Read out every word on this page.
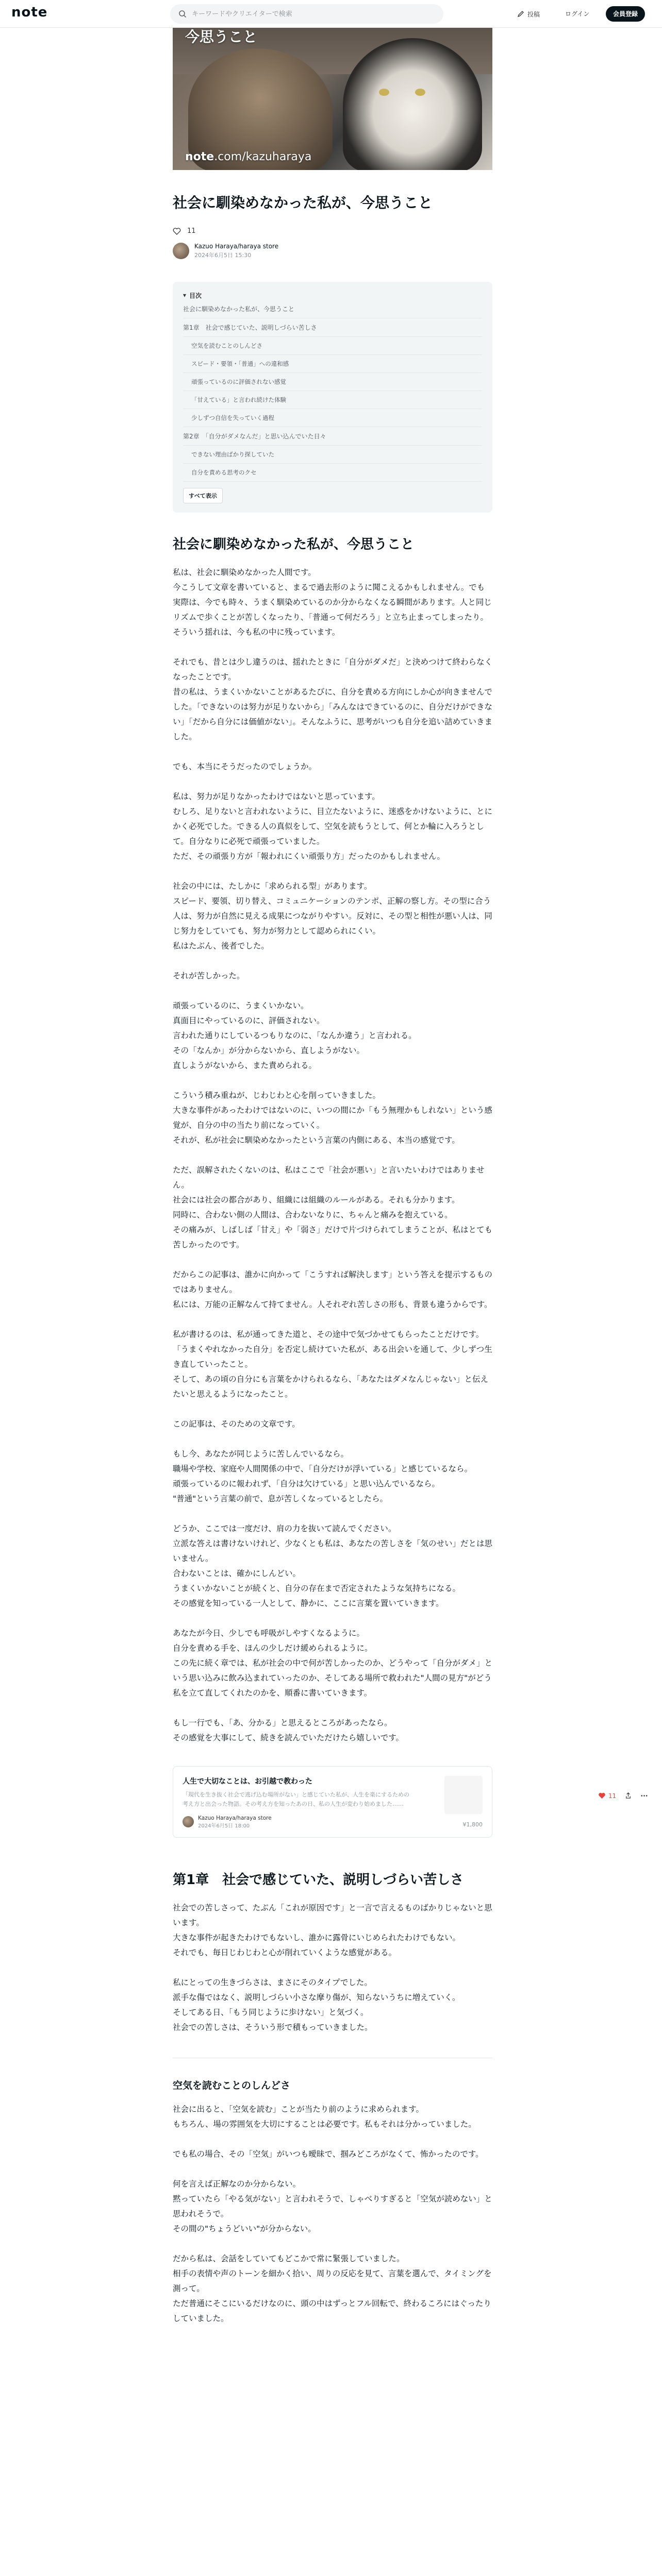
note
キーワードやクリエイターで検索	投稿	ログイン	会員登録
今思うこと
note.com/kazuharaya
社会に馴染めなかった私が、今思うこと
11
Kazuo Haraya/haraya store
2024年6月5日 15:30
▾ 目次
社会に馴染めなかった私が、今思うこと
第1章　社会で感じていた、説明しづらい苦しさ
空気を読むことのしんどさ
スピード・要領・「普通」への違和感
頑張っているのに評価されない感覚
「甘えている」と言われ続けた体験
少しずつ自信を失っていく過程
第2章　「自分がダメなんだ」と思い込んでいた日々
できない理由ばかり探していた
自分を責める思考のクセ
すべて表示
社会に馴染めなかった私が、今思うこと
私は、社会に馴染めなかった人間です。
今こうして文章を書いていると、まるで過去形のように聞こえるかもしれません。でも実際は、今でも時々、うまく馴染めているのか分からなくなる瞬間があります。人と同じリズムで歩くことが苦しくなったり、「普通って何だろう」と立ち止まってしまったり。そういう揺れは、今も私の中に残っています。
それでも、昔とは少し違うのは、揺れたときに「自分がダメだ」と決めつけて終わらなくなったことです。
昔の私は、うまくいかないことがあるたびに、自分を責める方向にしか心が向きませんでした。「できないのは努力が足りないから」「みんなはできているのに、自分だけができない」「だから自分には価値がない」。そんなふうに、思考がいつも自分を追い詰めていきました。
でも、本当にそうだったのでしょうか。
私は、努力が足りなかったわけではないと思っています。
むしろ、足りないと言われないように、目立たないように、迷惑をかけないように、とにかく必死でした。できる人の真似をして、空気を読もうとして、何とか輪に入ろうとして。自分なりに必死で頑張っていました。
ただ、その頑張り方が「報われにくい頑張り方」だったのかもしれません。
社会の中には、たしかに「求められる型」があります。
スピード、要領、切り替え、コミュニケーションのテンポ、正解の察し方。その型に合う人は、努力が自然に見える成果につながりやすい。反対に、その型と相性が悪い人は、同じ努力をしていても、努力が努力として認められにくい。
私はたぶん、後者でした。
それが苦しかった。
頑張っているのに、うまくいかない。
真面目にやっているのに、評価されない。
言われた通りにしているつもりなのに、「なんか違う」と言われる。
その「なんか」が分からないから、直しようがない。
直しようがないから、また責められる。
こういう積み重ねが、じわじわと心を削っていきました。
大きな事件があったわけではないのに、いつの間にか「もう無理かもしれない」という感覚が、自分の中の当たり前になっていく。
それが、私が社会に馴染めなかったという言葉の内側にある、本当の感覚です。
ただ、誤解されたくないのは、私はここで「社会が悪い」と言いたいわけではありません。
社会には社会の都合があり、組織には組織のルールがある。それも分かります。
同時に、合わない側の人間は、合わないなりに、ちゃんと痛みを抱えている。
その痛みが、しばしば「甘え」や「弱さ」だけで片づけられてしまうことが、私はとても苦しかったのです。
だからこの記事は、誰かに向かって「こうすれば解決します」という答えを提示するものではありません。
私には、万能の正解なんて持てません。人それぞれ苦しさの形も、背景も違うからです。
私が書けるのは、私が通ってきた道と、その途中で気づかせてもらったことだけです。
「うまくやれなかった自分」を否定し続けていた私が、ある出会いを通して、少しずつ生き直していったこと。
そして、あの頃の自分にも言葉をかけられるなら、「あなたはダメなんじゃない」と伝えたいと思えるようになったこと。
この記事は、そのための文章です。
もし今、あなたが同じように苦しんでいるなら。
職場や学校、家庭や人間関係の中で、「自分だけが浮いている」と感じているなら。
頑張っているのに報われず、「自分は欠けている」と思い込んでいるなら。
"普通"という言葉の前で、息が苦しくなっているとしたら。
どうか、ここでは一度だけ、肩の力を抜いて読んでください。
立派な答えは書けないけれど、少なくとも私は、あなたの苦しさを「気のせい」だとは思いません。
合わないことは、確かにしんどい。
うまくいかないことが続くと、自分の存在まで否定されたような気持ちになる。
その感覚を知っている一人として、静かに、ここに言葉を置いていきます。
あなたが今日、少しでも呼吸がしやすくなるように。
自分を責める手を、ほんの少しだけ緩められるように。
この先に続く章では、私が社会の中で何が苦しかったのか、どうやって「自分がダメ」という思い込みに飲み込まれていったのか、そしてある場所で救われた"人間の見方"がどう私を立て直してくれたのかを、順番に書いていきます。
もし一行でも、「あ、分かる」と思えるところがあったなら。
その感覚を大事にして、続きを読んでいただけたら嬉しいです。
人生で大切なことは、お引越で教わった
「現代を生き抜く社会で逃げ込む場所がない」と感じていた私が、人生を楽にするための考え方と出会った物語。その考え方を知ったあの日、私の人生が変わり始めました……
Kazuo Haraya/haraya store
2024年6月5日 18:00	¥1,800
第1章　社会で感じていた、説明しづらい苦しさ
社会での苦しさって、たぶん「これが原因です」と一言で言えるものばかりじゃないと思います。
大きな事件が起きたわけでもないし、誰かに露骨にいじめられたわけでもない。
それでも、毎日じわじわと心が削れていくような感覚がある。
私にとっての生きづらさは、まさにそのタイプでした。
派手な傷ではなく、説明しづらい小さな摩り傷が、知らないうちに増えていく。
そしてある日、「もう同じように歩けない」と気づく。
社会での苦しさは、そういう形で積もっていきました。
空気を読むことのしんどさ
社会に出ると、「空気を読む」ことが当たり前のように求められます。
もちろん、場の雰囲気を大切にすることは必要です。私もそれは分かっていました。
でも私の場合、その「空気」がいつも曖昧で、掴みどころがなくて、怖かったのです。
何を言えば正解なのか分からない。
黙っていたら「やる気がない」と言われそうで、しゃべりすぎると「空気が読めない」と思われそうで。
その間の"ちょうどいい"が分からない。
だから私は、会話をしていてもどこかで常に緊張していました。
相手の表情や声のトーンを細かく拾い、周りの反応を見て、言葉を選んで、タイミングを測って。
ただ普通にそこにいるだけなのに、頭の中はずっとフル回転で、終わるころにはぐったりしていました。
11
